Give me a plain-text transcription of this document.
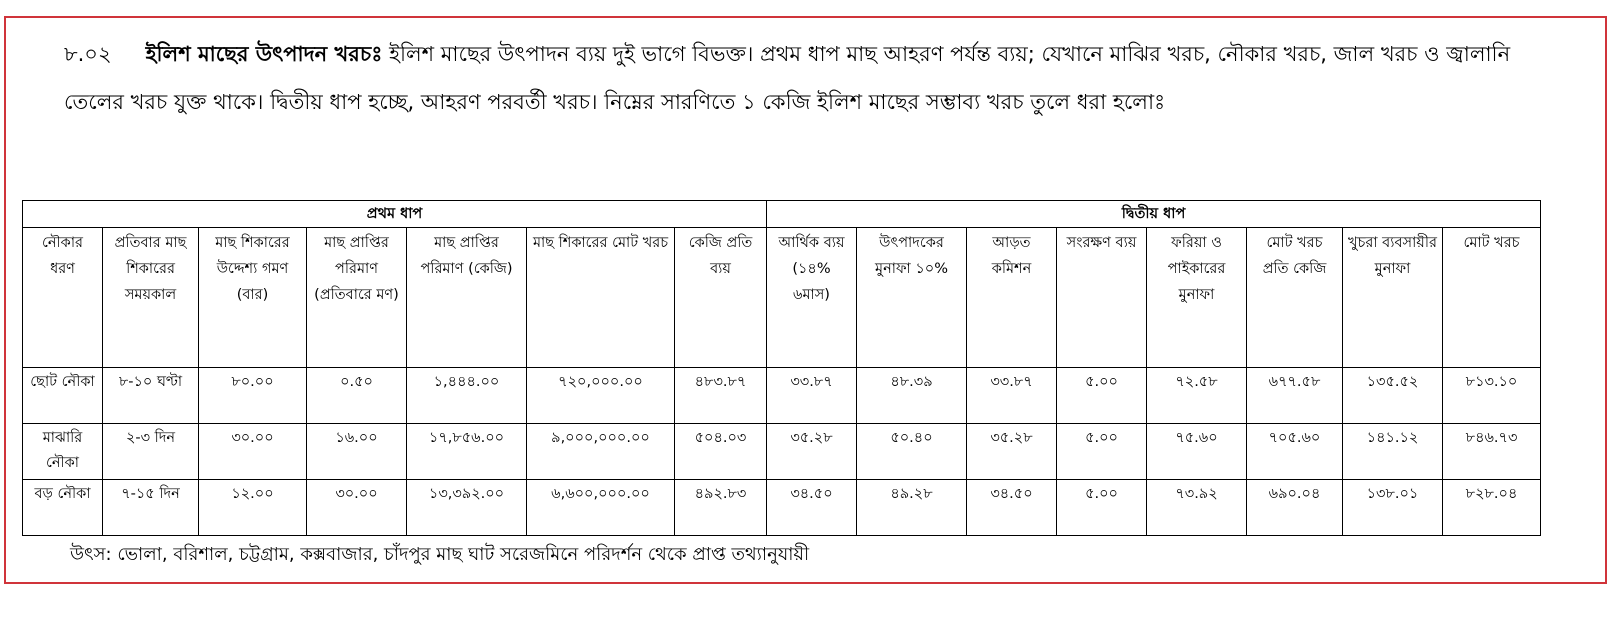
৮.০২ ইলিশ মাছের উৎপাদন খরচঃ ইলিশ মাছের উৎপাদন ব্যয় দুই ভাগে বিভক্ত। প্রথম ধাপ মাছ আহরণ পর্যন্ত ব্যয়; যেখানে মাঝির খরচ, নৌকার খরচ, জাল খরচ ও জ্বালানি তেলের খরচ যুক্ত থাকে। দ্বিতীয় ধাপ হচ্ছে, আহরণ পরবর্তী খরচ। নিম্নের সারণিতে ১ কেজি ইলিশ মাছের সম্ভাব্য খরচ তুলে ধরা হলোঃ
প্রথম ধাপ							দ্বিতীয় ধাপ							
নৌকার ধরণ	প্রতিবার মাছ শিকারের সময়কাল	মাছ শিকারের উদ্দেশ্য গমণ (বার)	মাছ প্রাপ্তির পরিমাণ (প্রতিবারে মণ)	মাছ প্রাপ্তির পরিমাণ (কেজি)	মাছ শিকারের মোট খরচ	কেজি প্রতি ব্যয়	আর্থিক ব্যয় (১৪% ৬মাস)	উৎপাদকের মুনাফা ১০%	আড়ত কমিশন	সংরক্ষণ ব্যয়	ফরিয়া ও পাইকারের মুনাফা	মোট খরচ প্রতি কেজি	খুচরা ব্যবসায়ীর মুনাফা	মোট খরচ
ছোট নৌকা	৮-১০ ঘণ্টা	৮০.০০	০.৫০	১,৪৪৪.০০	৭২০,০০০.০০	৪৮৩.৮৭	৩৩.৮৭	৪৮.৩৯	৩৩.৮৭	৫.০০	৭২.৫৮	৬৭৭.৫৮	১৩৫.৫২	৮১৩.১০
মাঝারি নৌকা	২-৩ দিন	৩০.০০	১৬.০০	১৭,৮৫৬.০০	৯,০০০,০০০.০০	৫০৪.০৩	৩৫.২৮	৫০.৪০	৩৫.২৮	৫.০০	৭৫.৬০	৭০৫.৬০	১৪১.১২	৮৪৬.৭৩
বড় নৌকা	৭-১৫ দিন	১২.০০	৩০.০০	১৩,৩৯২.০০	৬,৬০০,০০০.০০	৪৯২.৮৩	৩৪.৫০	৪৯.২৮	৩৪.৫০	৫.০০	৭৩.৯২	৬৯০.০৪	১৩৮.০১	৮২৮.০৪
উৎস: ভোলা, বরিশাল, চট্টগ্রাম, কক্সবাজার, চাঁদপুর মাছ ঘাট সরেজমিনে পরিদর্শন থেকে প্রাপ্ত তথ্যানুযায়ী
